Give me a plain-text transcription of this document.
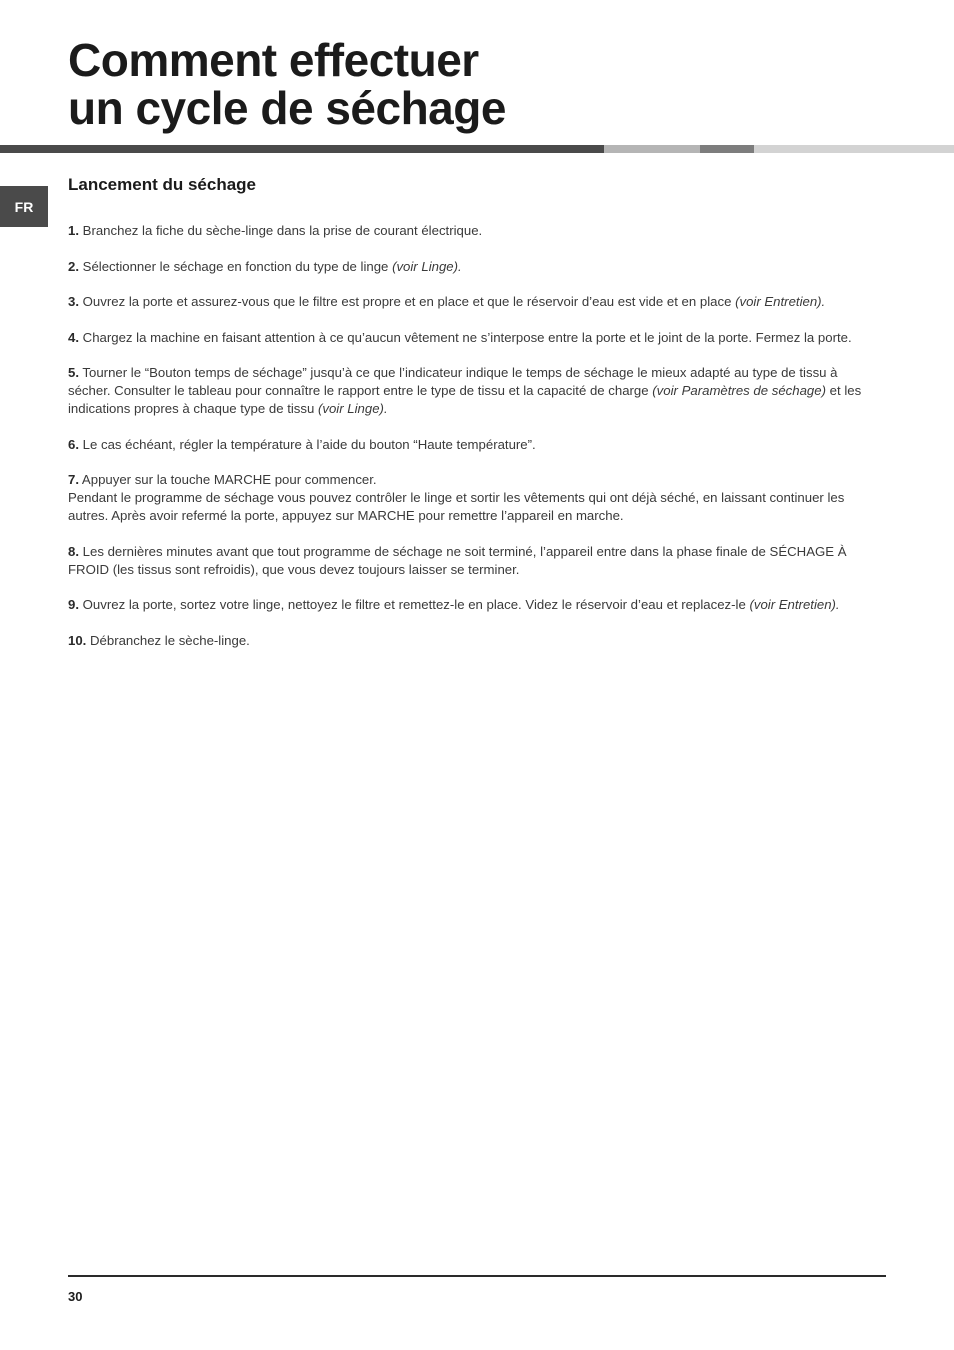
Comment effectuer
un cycle de séchage
FR
Lancement du séchage

1. Branchez la fiche du sèche-linge dans la prise de courant électrique.

2. Sélectionner le séchage en fonction du type de linge (voir Linge).

3. Ouvrez la porte et assurez-vous que le filtre est propre et en place et que le réservoir d’eau est vide et en place (voir Entretien).

4. Chargez la machine en faisant attention à ce qu’aucun vêtement ne s’interpose entre la porte et le joint de la porte. Fermez la porte.

5. Tourner le “Bouton temps de séchage” jusqu’à ce que l’indicateur indique le temps de séchage le mieux adapté au type de tissu à sécher. Consulter le tableau pour connaître le rapport entre le type de tissu et la capacité de charge (voir Paramètres de séchage) et les indications propres à chaque type de tissu (voir Linge).

6. Le cas échéant, régler la température à l’aide du bouton “Haute température”.

7. Appuyer sur la touche MARCHE pour commencer.
Pendant le programme de séchage vous pouvez contrôler le linge et sortir les vêtements qui ont déjà séché, en laissant continuer les autres. Après avoir refermé la porte, appuyez sur MARCHE pour remettre l’appareil en marche.

8. Les dernières minutes avant que tout programme de séchage ne soit terminé, l’appareil entre dans la phase finale de SÉCHAGE À FROID (les tissus sont refroidis), que vous devez toujours laisser se terminer.

9. Ouvrez la porte, sortez votre linge, nettoyez le filtre et remettez-le en place. Videz le réservoir d’eau et replacez-le (voir Entretien).

10. Débranchez le sèche-linge.

30
